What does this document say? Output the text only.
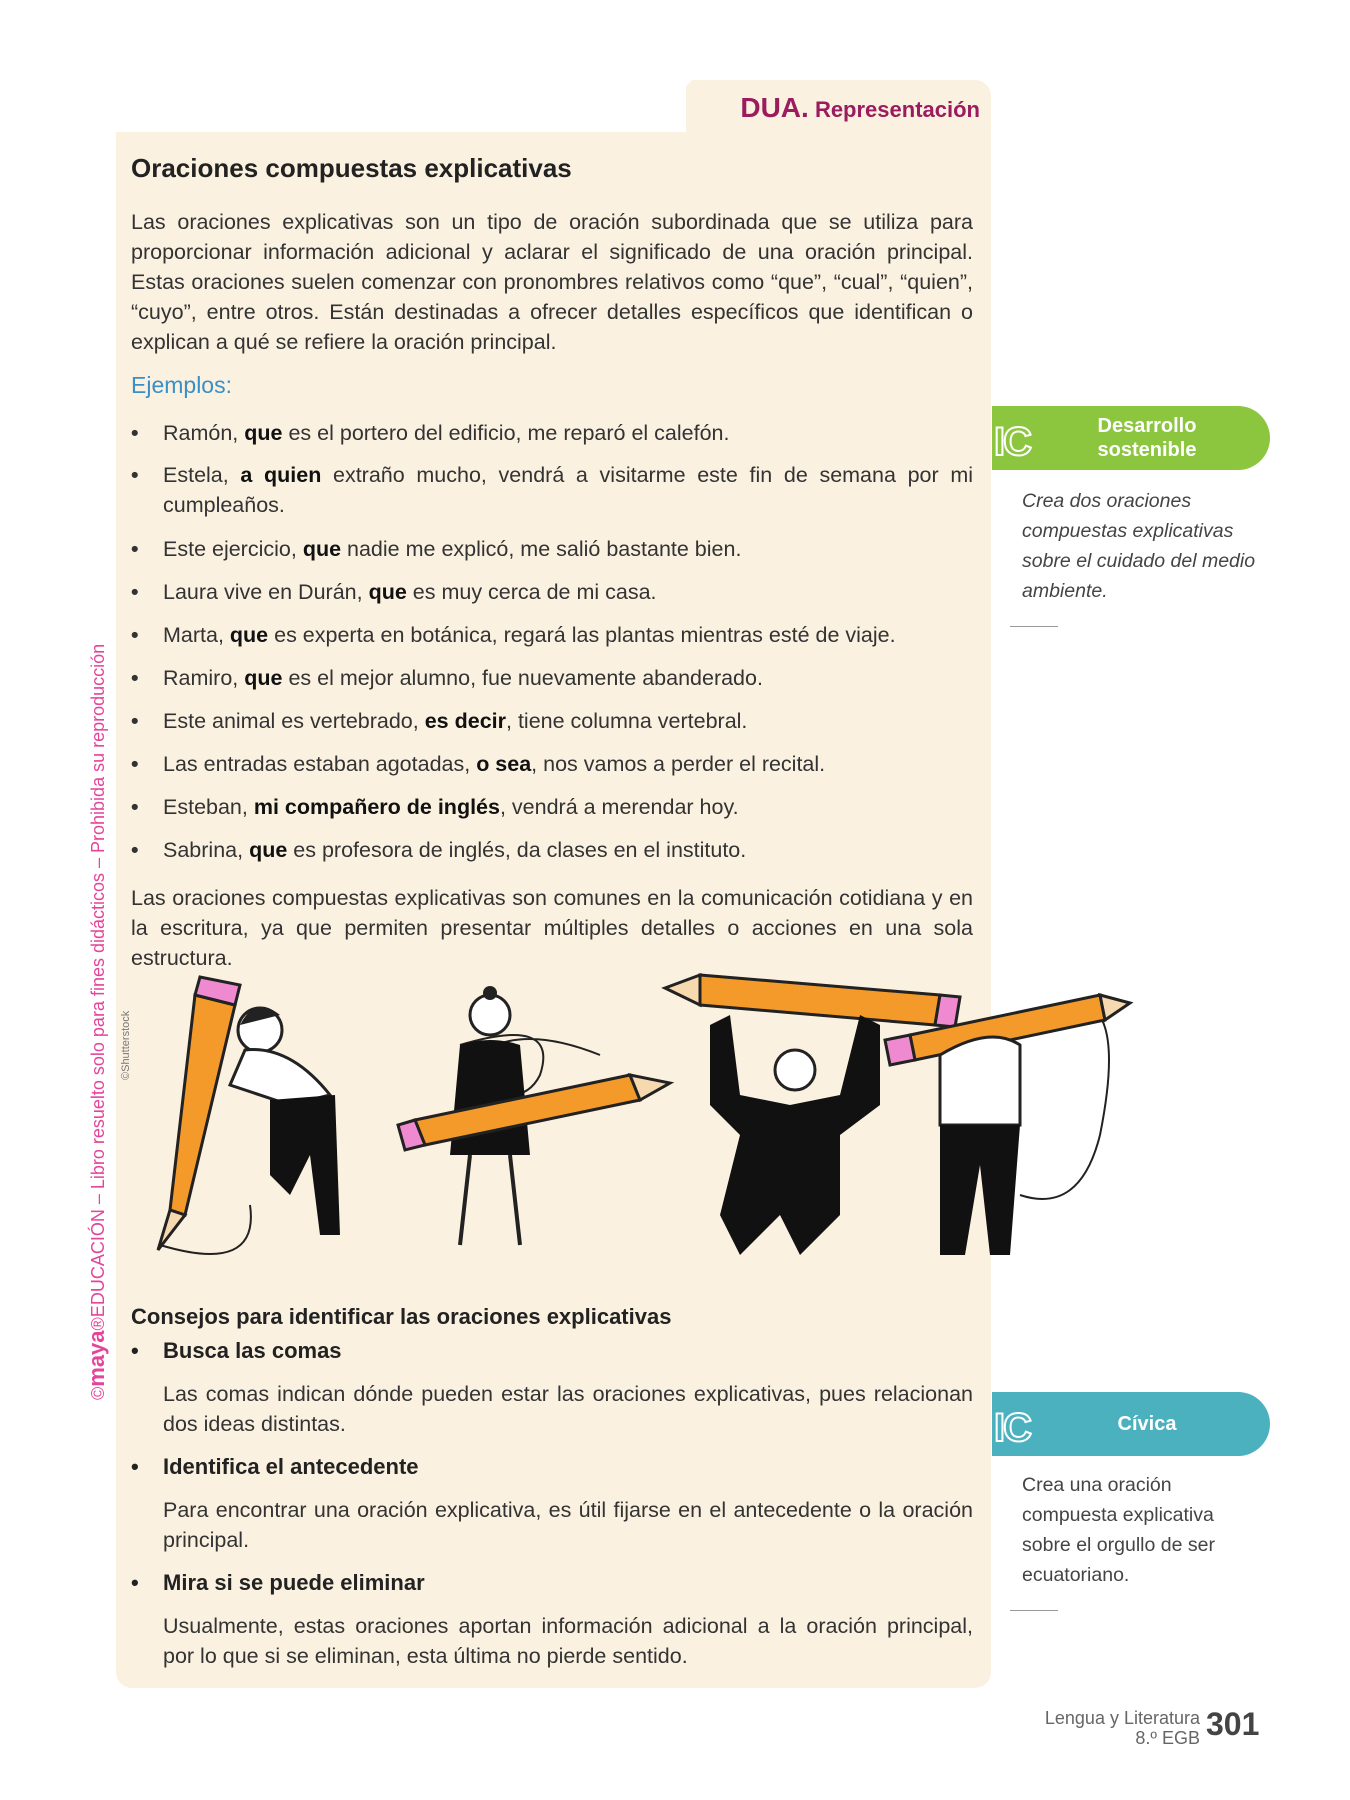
©maya®EDUCACIÓN – Libro resuelto solo para fines didácticos – Prohibida su reproducción
DUA. Representación
Oraciones compuestas explicativas
Las oraciones explicativas son un tipo de oración subordinada que se utiliza para proporcionar información adicional y aclarar el significado de una oración principal. Estas oraciones suelen comenzar con pronombres relativos como “que”, “cual”, “quien”, “cuyo”, entre otros. Están destinadas a ofrecer detalles específicos que identifican o explican a qué se refiere la oración principal.
Ejemplos:
• Ramón, que es el portero del edificio, me reparó el calefón.
• Estela, a quien extraño mucho, vendrá a visitarme este fin de semana por mi cumpleaños.
• Este ejercicio, que nadie me explicó, me salió bastante bien.
• Laura vive en Durán, que es muy cerca de mi casa.
• Marta, que es experta en botánica, regará las plantas mientras esté de viaje.
• Ramiro, que es el mejor alumno, fue nuevamente abanderado.
• Este animal es vertebrado, es decir, tiene columna vertebral.
• Las entradas estaban agotadas, o sea, nos vamos a perder el recital.
• Esteban, mi compañero de inglés, vendrá a merendar hoy.
• Sabrina, que es profesora de inglés, da clases en el instituto.
Las oraciones compuestas explicativas son comunes en la comunicación cotidiana y en la escritura, ya que permiten presentar múltiples detalles o acciones en una sola estructura.
©Shutterstock
Consejos para identificar las oraciones explicativas
• Busca las comas
Las comas indican dónde pueden estar las oraciones explicativas, pues relacionan dos ideas distintas.
• Identifica el antecedente
Para encontrar una oración explicativa, es útil fijarse en el antecedente o la oración principal.
• Mira si se puede eliminar
Usualmente, estas oraciones aportan información adicional a la oración principal, por lo que si se eliminan, esta última no pierde sentido.
IC	Desarrollo sostenible
Crea dos oraciones compuestas explicativas sobre el cuidado del medio ambiente.
IC	Cívica
Crea una oración compuesta explicativa sobre el orgullo de ser ecuatoriano.
Lengua y Literatura
8.º EGB 301
